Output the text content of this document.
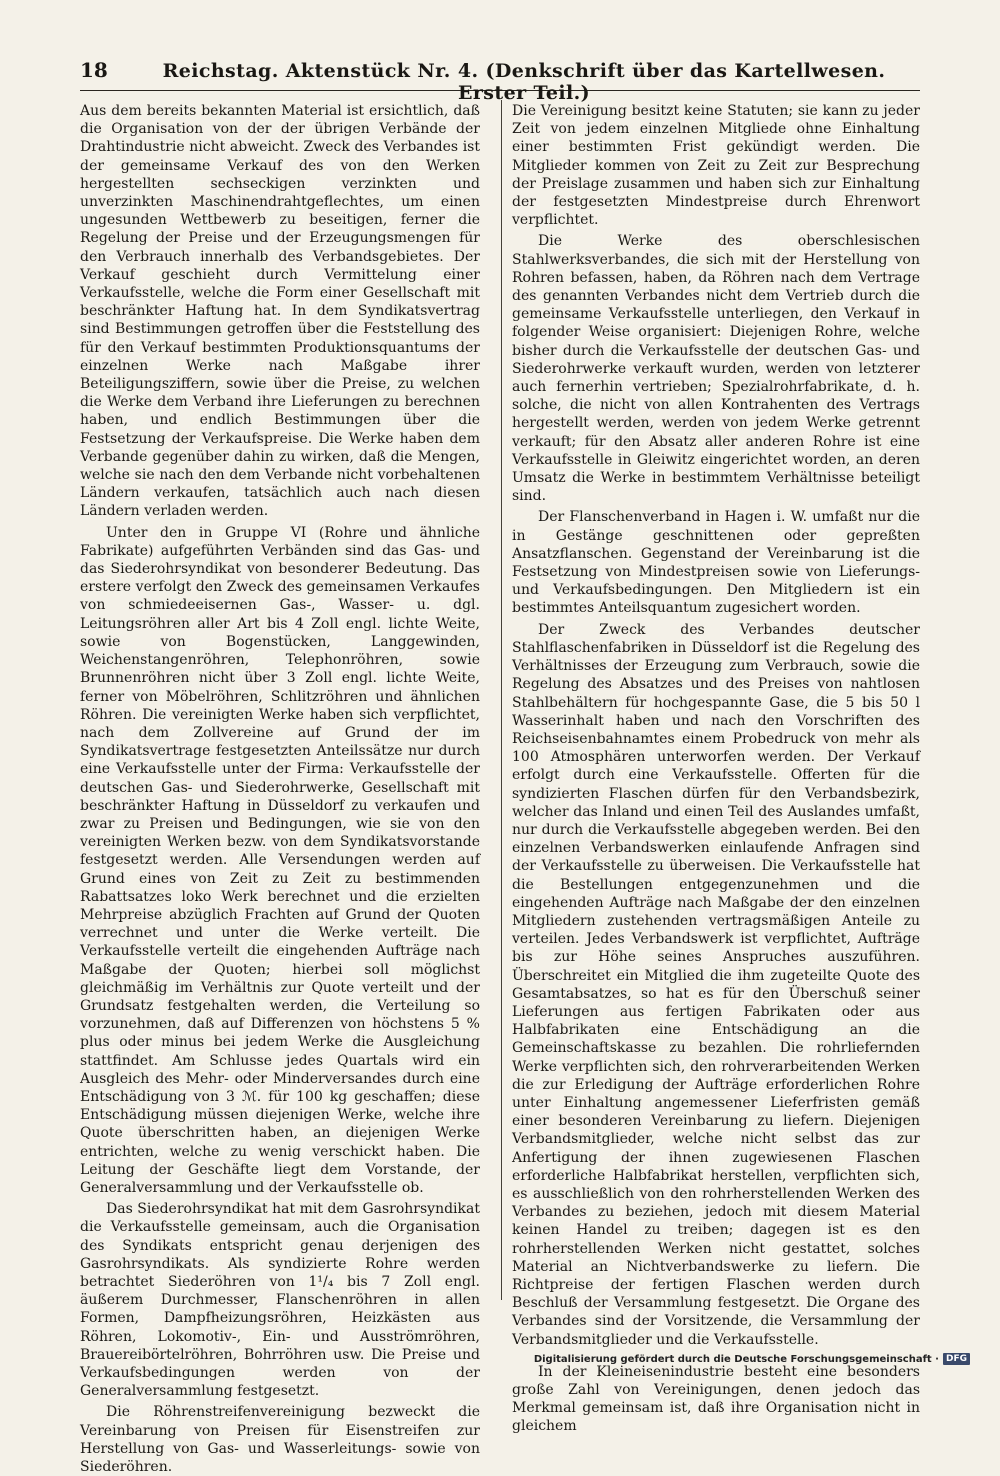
18	Reichstag. Aktenstück Nr. 4. (Denkschrift über das Kartellwesen. Erster Teil.)

Aus dem bereits bekannten Material ist ersichtlich, daß die Organisation von der der übrigen Verbände der Drahtindustrie nicht abweicht. Zweck des Verbandes ist der gemeinsame Verkauf des von den Werken hergestellten sechseckigen verzinkten und unverzinkten Maschinendrahtgeflechtes, um einen ungesunden Wettbewerb zu beseitigen, ferner die Regelung der Preise und der Erzeugungsmengen für den Verbrauch innerhalb des Verbandsgebietes. Der Verkauf geschieht durch Vermittelung einer Verkaufsstelle, welche die Form einer Gesellschaft mit beschränkter Haftung hat. In dem Syndikatsvertrag sind Bestimmungen getroffen über die Feststellung des für den Verkauf bestimmten Produktionsquantums der einzelnen Werke nach Maßgabe ihrer Beteiligungsziffern, sowie über die Preise, zu welchen die Werke dem Verband ihre Lieferungen zu berechnen haben, und endlich Bestimmungen über die Festsetzung der Verkaufspreise. Die Werke haben dem Verbande gegenüber dahin zu wirken, daß die Mengen, welche sie nach den dem Verbande nicht vorbehaltenen Ländern verkaufen, tatsächlich auch nach diesen Ländern verladen werden.

Unter den in Gruppe VI (Rohre und ähnliche Fabrikate) aufgeführten Verbänden sind das Gas- und das Siederohrsyndikat von besonderer Bedeutung. Das erstere verfolgt den Zweck des gemeinsamen Verkaufes von schmiedeeisernen Gas-, Wasser- u. dgl. Leitungsröhren aller Art bis 4 Zoll engl. lichte Weite, sowie von Bogenstücken, Langgewinden, Weichenstangenröhren, Telephonröhren, sowie Brunnenröhren nicht über 3 Zoll engl. lichte Weite, ferner von Möbelröhren, Schlitzröhren und ähnlichen Röhren. Die vereinigten Werke haben sich verpflichtet, nach dem Zollvereine auf Grund der im Syndikatsvertrage festgesetzten Anteilssätze nur durch eine Verkaufsstelle unter der Firma: Verkaufsstelle der deutschen Gas- und Siederohrwerke, Gesellschaft mit beschränkter Haftung in Düsseldorf zu verkaufen und zwar zu Preisen und Bedingungen, wie sie von den vereinigten Werken bezw. von dem Syndikatsvorstande festgesetzt werden. Alle Versendungen werden auf Grund eines von Zeit zu Zeit zu bestimmenden Rabattsatzes loko Werk berechnet und die erzielten Mehrpreise abzüglich Frachten auf Grund der Quoten verrechnet und unter die Werke verteilt. Die Verkaufsstelle verteilt die eingehenden Aufträge nach Maßgabe der Quoten; hierbei soll möglichst gleichmäßig im Verhältnis zur Quote verteilt und der Grundsatz festgehalten werden, die Verteilung so vorzunehmen, daß auf Differenzen von höchstens 5 % plus oder minus bei jedem Werke die Ausgleichung stattfindet. Am Schlusse jedes Quartals wird ein Ausgleich des Mehr- oder Minderversandes durch eine Entschädigung von 3 ℳ. für 100 kg geschaffen; diese Entschädigung müssen diejenigen Werke, welche ihre Quote überschritten haben, an diejenigen Werke entrichten, welche zu wenig verschickt haben. Die Leitung der Geschäfte liegt dem Vorstande, der Generalversammlung und der Verkaufsstelle ob.

Das Siederohrsyndikat hat mit dem Gasrohrsyndikat die Verkaufsstelle gemeinsam, auch die Organisation des Syndikats entspricht genau derjenigen des Gasrohrsyndikats. Als syndizierte Rohre werden betrachtet Siederöhren von 1¹/₄ bis 7 Zoll engl. äußerem Durchmesser, Flanschenröhren in allen Formen, Dampfheizungsröhren, Heizkästen aus Röhren, Lokomotiv-, Ein- und Ausströmröhren, Brauereibörtelröhren, Bohrröhren usw. Die Preise und Verkaufsbedingungen werden von der Generalversammlung festgesetzt.

Die Röhrenstreifenvereinigung bezweckt die Vereinbarung von Preisen für Eisenstreifen zur Herstellung von Gas- und Wasserleitungs- sowie von Siederöhren.

Die Vereinigung besitzt keine Statuten; sie kann zu jeder Zeit von jedem einzelnen Mitgliede ohne Einhaltung einer bestimmten Frist gekündigt werden. Die Mitglieder kommen von Zeit zu Zeit zur Besprechung der Preislage zusammen und haben sich zur Einhaltung der festgesetzten Mindestpreise durch Ehrenwort verpflichtet.

Die Werke des oberschlesischen Stahlwerksverbandes, die sich mit der Herstellung von Rohren befassen, haben, da Röhren nach dem Vertrage des genannten Verbandes nicht dem Vertrieb durch die gemeinsame Verkaufsstelle unterliegen, den Verkauf in folgender Weise organisiert: Diejenigen Rohre, welche bisher durch die Verkaufsstelle der deutschen Gas- und Siederohrwerke verkauft wurden, werden von letzterer auch fernerhin vertrieben; Spezialrohrfabrikate, d. h. solche, die nicht von allen Kontrahenten des Vertrags hergestellt werden, werden von jedem Werke getrennt verkauft; für den Absatz aller anderen Rohre ist eine Verkaufsstelle in Gleiwitz eingerichtet worden, an deren Umsatz die Werke in bestimmtem Verhältnisse beteiligt sind.

Der Flanschenverband in Hagen i. W. umfaßt nur die in Gestänge geschnittenen oder gepreßten Ansatzflanschen. Gegenstand der Vereinbarung ist die Festsetzung von Mindestpreisen sowie von Lieferungs- und Verkaufsbedingungen. Den Mitgliedern ist ein bestimmtes Anteilsquantum zugesichert worden.

Der Zweck des Verbandes deutscher Stahlflaschenfabriken in Düsseldorf ist die Regelung des Verhältnisses der Erzeugung zum Verbrauch, sowie die Regelung des Absatzes und des Preises von nahtlosen Stahlbehältern für hochgespannte Gase, die 5 bis 50 l Wasserinhalt haben und nach den Vorschriften des Reichseisenbahnamtes einem Probedruck von mehr als 100 Atmosphären unterworfen werden. Der Verkauf erfolgt durch eine Verkaufsstelle. Offerten für die syndizierten Flaschen dürfen für den Verbandsbezirk, welcher das Inland und einen Teil des Auslandes umfaßt, nur durch die Verkaufsstelle abgegeben werden. Bei den einzelnen Verbandswerken einlaufende Anfragen sind der Verkaufsstelle zu überweisen. Die Verkaufsstelle hat die Bestellungen entgegenzunehmen und die eingehenden Aufträge nach Maßgabe der den einzelnen Mitgliedern zustehenden vertragsmäßigen Anteile zu verteilen. Jedes Verbandswerk ist verpflichtet, Aufträge bis zur Höhe seines Anspruches auszuführen. Überschreitet ein Mitglied die ihm zugeteilte Quote des Gesamtabsatzes, so hat es für den Überschuß seiner Lieferungen aus fertigen Fabrikaten oder aus Halbfabrikaten eine Entschädigung an die Gemeinschaftskasse zu bezahlen. Die rohrliefernden Werke verpflichten sich, den rohrverarbeitenden Werken die zur Erledigung der Aufträge erforderlichen Rohre unter Einhaltung angemessener Lieferfristen gemäß einer besonderen Vereinbarung zu liefern. Diejenigen Verbandsmitglieder, welche nicht selbst das zur Anfertigung der ihnen zugewiesenen Flaschen erforderliche Halbfabrikat herstellen, verpflichten sich, es ausschließlich von den rohrherstellenden Werken des Verbandes zu beziehen, jedoch mit diesem Material keinen Handel zu treiben; dagegen ist es den rohrherstellenden Werken nicht gestattet, solches Material an Nichtverbandswerke zu liefern. Die Richtpreise der fertigen Flaschen werden durch Beschluß der Versammlung festgesetzt. Die Organe des Verbandes sind der Vorsitzende, die Versammlung der Verbandsmitglieder und die Verkaufsstelle.

In der Kleineisenindustrie besteht eine besonders große Zahl von Vereinigungen, denen jedoch das Merkmal gemeinsam ist, daß ihre Organisation nicht in gleichem

Digitalisierung gefördert durch die Deutsche Forschungsgemeinschaft · DFG
